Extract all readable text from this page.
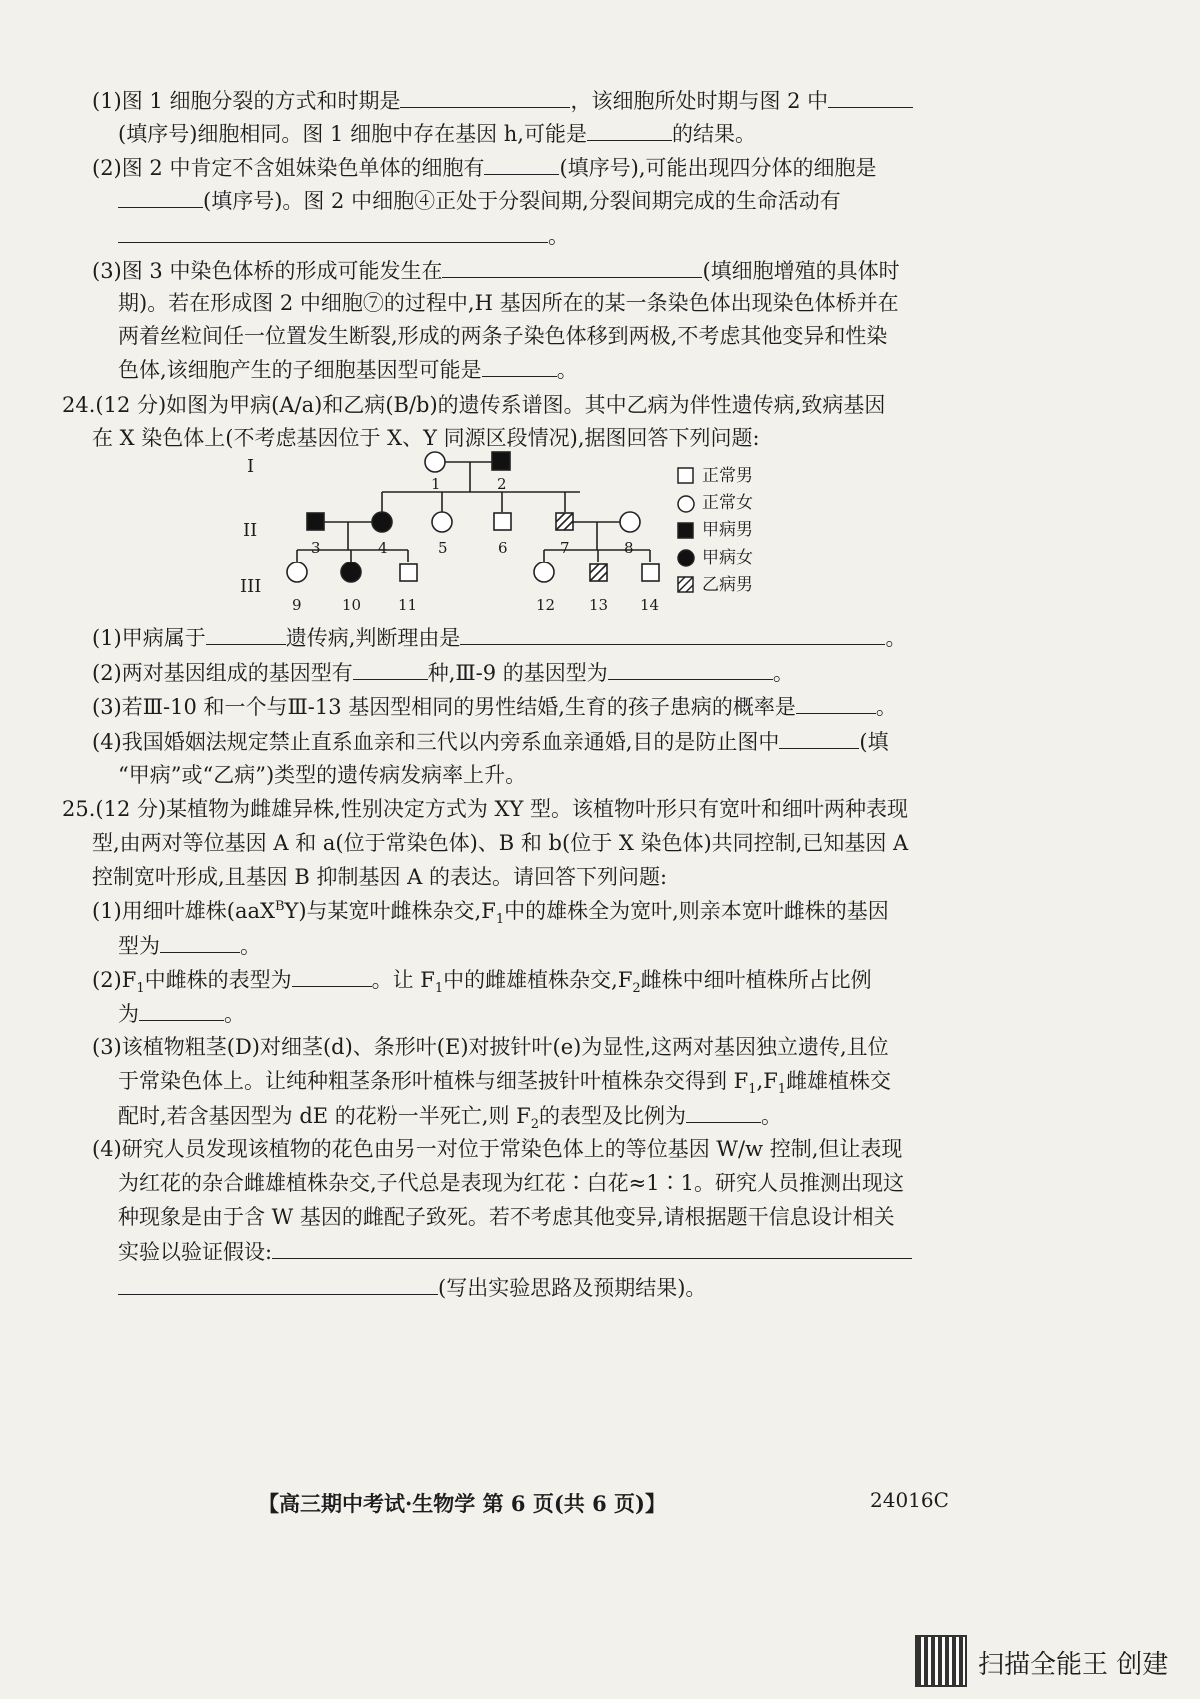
(1)图 1 细胞分裂的方式和时期是	，该细胞所处时期与图 2 中
(填序号)细胞相同。图 1 细胞中存在基因 h,可能是	的结果。
(2)图 2 中肯定不含姐妹染色单体的细胞有	(填序号),可能出现四分体的细胞是
(填序号)。图 2 中细胞④正处于分裂间期,分裂间期完成的生命活动有
。
(3)图 3 中染色体桥的形成可能发生在	(填细胞增殖的具体时
期)。若在形成图 2 中细胞⑦的过程中,H 基因所在的某一条染色体出现染色体桥并在
两着丝粒间任一位置发生断裂,形成的两条子染色体移到两极,不考虑其他变异和性染
色体,该细胞产生的子细胞基因型可能是	。
24.(12 分)如图为甲病(A/a)和乙病(B/b)的遗传系谱图。其中乙病为伴性遗传病,致病基因
在 X 染色体上(不考虑基因位于 X、Y 同源区段情况),据图回答下列问题:
I
II
III
1	2
3	4	5	6	7	8
9	10 11	12 13 14
正常男
正常女
甲病男
甲病女
乙病男
(1)甲病属于	遗传病,判断理由是	。
(2)两对基因组成的基因型有	种,Ⅲ-9 的基因型为	。
(3)若Ⅲ-10 和一个与Ⅲ-13 基因型相同的男性结婚,生育的孩子患病的概率是	。
(4)我国婚姻法规定禁止直系血亲和三代以内旁系血亲通婚,目的是防止图中	(填
“甲病”或“乙病”)类型的遗传病发病率上升。
25.(12 分)某植物为雌雄异株,性别决定方式为 XY 型。该植物叶形只有宽叶和细叶两种表现
型,由两对等位基因 A 和 a(位于常染色体)、B 和 b(位于 X 染色体)共同控制,已知基因 A
控制宽叶形成,且基因 B 抑制基因 A 的表达。请回答下列问题:
(1)用细叶雄株(aaX$^B$Y)与某宽叶雌株杂交$,F_1$中的雄株全为宽叶,则亲本宽叶雌株的基因
型为	。
$(2)F_1$中雌株的表型为	。让 $F_1$中的雌雄植株杂交$,F_2$雌株中细叶植株所占比例
为	。
(3)该植物粗茎(D)对细茎(d)、条形叶(E)对披针叶(e)为显性,这两对基因独立遗传,且位
于常染色体上。让纯种粗茎条形叶植株与细茎披针叶植株杂交得到 $F_1,F_1$雌雄植株交
配时,若含基因型为 dE 的花粉一半死亡,则 $F_2$的表型及比例为	。
(4)研究人员发现该植物的花色由另一对位于常染色体上的等位基因 W/w 控制,但让表现
为红花的杂合雌雄植株杂交,子代总是表现为红花∶白花≈1∶1。研究人员推测出现这
种现象是由于含 W 基因的雌配子致死。若不考虑其他变异,请根据题干信息设计相关
实验以验证假设:
(写出实验思路及预期结果)。
【高三期中考试·生物学 第 6 页(共 6 页)】	24016C
扫描全能王 创建
